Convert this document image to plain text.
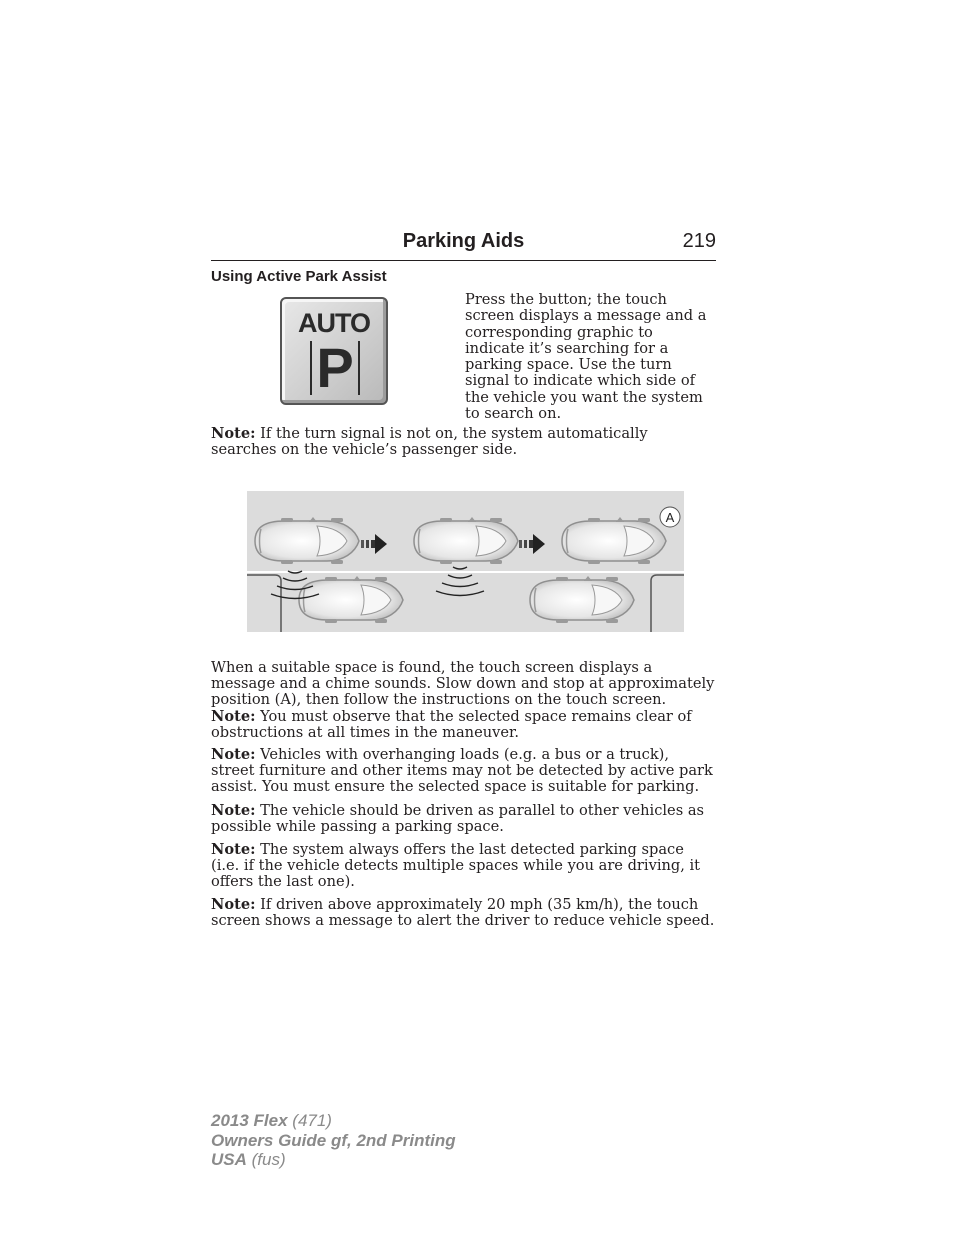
Parking Aids	219
Using Active Park Assist
AUTO
P
Press the button; the touch screen displays a message and a corresponding graphic to indicate it’s searching for a parking space. Use the turn signal to indicate which side of the vehicle you want the system to search on.
Note: If the turn signal is not on, the system automatically searches on the vehicle’s passenger side.
A
When a suitable space is found, the touch screen displays a message and a chime sounds. Slow down and stop at approximately position (A), then follow the instructions on the touch screen.
Note: You must observe that the selected space remains clear of obstructions at all times in the maneuver.
Note: Vehicles with overhanging loads (e.g. a bus or a truck), street furniture and other items may not be detected by active park assist. You must ensure the selected space is suitable for parking.
Note: The vehicle should be driven as parallel to other vehicles as possible while passing a parking space.
Note: The system always offers the last detected parking space (i.e. if the vehicle detects multiple spaces while you are driving, it offers the last one).
Note: If driven above approximately 20 mph (35 km/h), the touch screen shows a message to alert the driver to reduce vehicle speed.
2013 Flex (471)
Owners Guide gf, 2nd Printing
USA (fus)
